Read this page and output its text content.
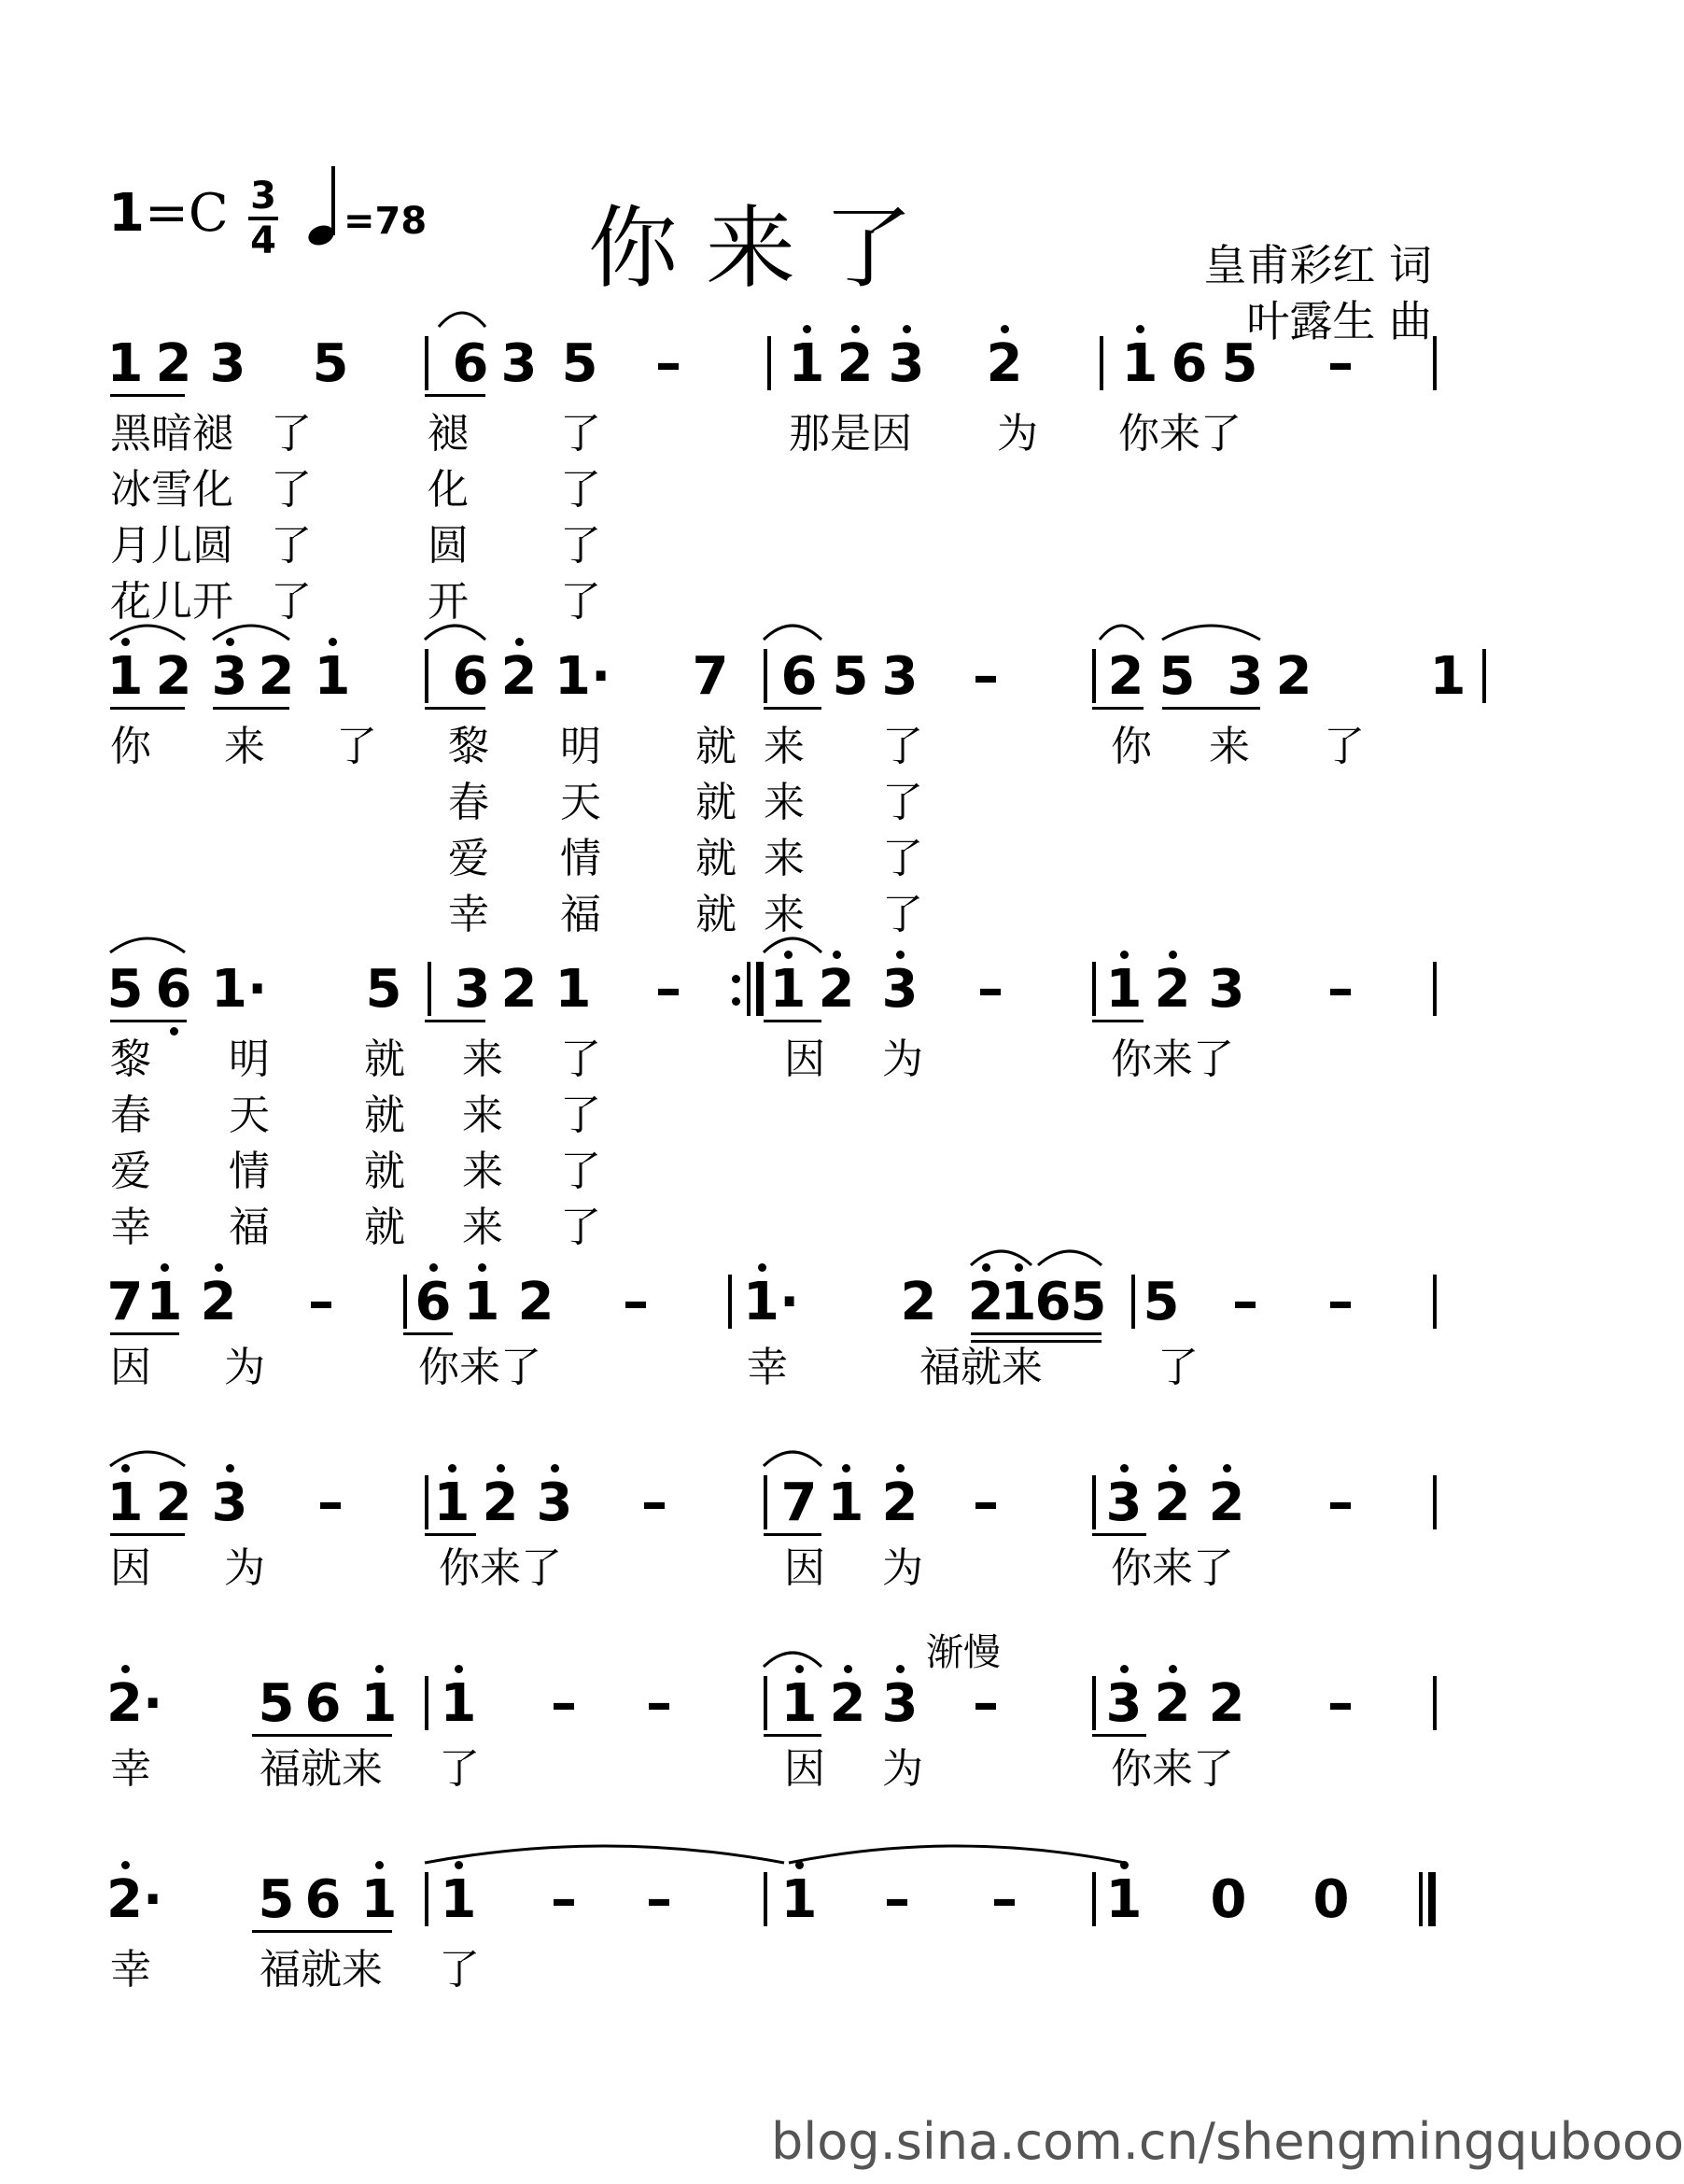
1=C 3
4 =78 你来了	皇甫彩红 词
叶露生 曲
1 2 3 5 6 3 5 – 1 2 3 2 1 6 5 –
1 2 3 2 1 6 2 1· 7 6 5 3 – 2 5 3 2 1
5 6 1· 5 3 2 1 – 1 2 3 – 1 2 3 –
7 1 2 – 6 1 2 – 1· 2 2
1
6 5 5 – –
1 2 3 – 1 2 3 – 7 1 2 – 3 2 2 –
2· 5 6 1 1 – – 1 2 3 – 3 2 2 –
2· 5 6 1 1 – – 1 – – 1 0 0
黑暗褪 了	褪 了	那是因 为 你来了
冰雪化 了	化 了
月儿圆 了	圆 了
花儿开 了	开 了
你 来 了 黎 明 就 来 了	你 来 了
春 天 就 来 了
爱 情 就 来 了
幸 福 就 来 了
黎 明 就 来 了	因 为	你来了
春 天 就 来 了
爱 情 就 来 了
幸 福 就 来 了
因 为	你来了	幸	福就来	了
因 为	你来了	因 为	你来了
幸	福就来 了	因 为	你来了
幸	福就来 了
渐慢
blog.sina.com.cn/shengmingqubooo
